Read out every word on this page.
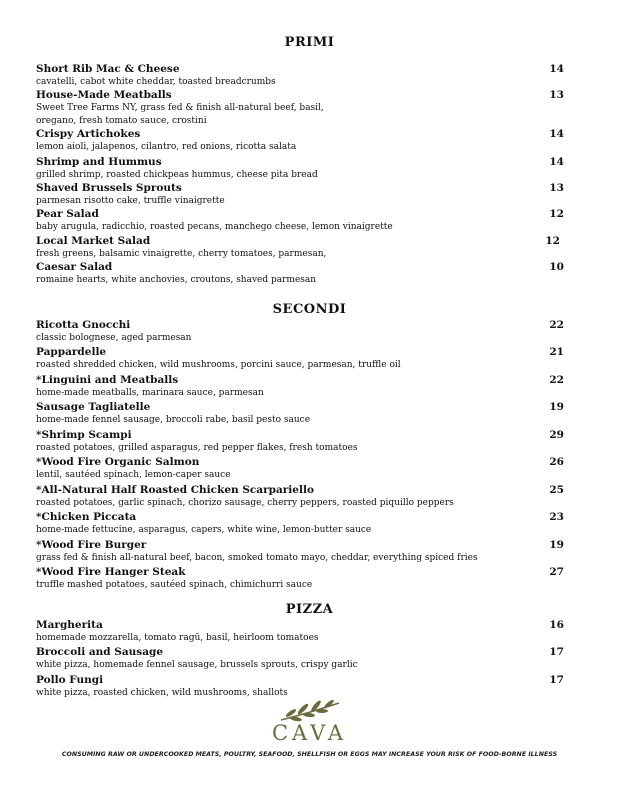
PRIMI
Short Rib Mac & Cheese
cavatelli, cabot white cheddar, toasted breadcrumbs
14
House-Made Meatballs
Sweet Tree Farms NY, grass fed & finish all-natural beef, basil,
oregano, fresh tomato sauce, crostini
13
Crispy Artichokes
lemon aioli, jalapenos, cilantro, red onions, ricotta salata
14
Shrimp and Hummus
grilled shrimp, roasted chickpeas hummus, cheese pita bread
14
Shaved Brussels Sprouts
parmesan risotto cake, truffle vinaigrette
13
Pear Salad
baby arugula, radicchio, roasted pecans, manchego cheese, lemon vinaigrette
12
Local Market Salad
fresh greens, balsamic vinaigrette, cherry tomatoes, parmesan,
12
Caesar Salad
romaine hearts, white anchovies, croutons, shaved parmesan
10
SECONDI
Ricotta Gnocchi
classic bolognese, aged parmesan
22
Pappardelle
roasted shredded chicken, wild mushrooms, porcini sauce, parmesan, truffle oil
21
*Linguini and Meatballs
home-made meatballs, marinara sauce, parmesan
22
Sausage Tagliatelle
home-made fennel sausage, broccoli rabe, basil pesto sauce
19
*Shrimp Scampi
roasted potatoes, grilled asparagus, red pepper flakes, fresh tomatoes
29
*Wood Fire Organic Salmon
lentil, sautéed spinach, lemon-caper sauce
26
*All-Natural Half Roasted Chicken Scarpariello
roasted potatoes, garlic spinach, chorizo sausage, cherry peppers, roasted piquillo peppers
25
*Chicken Piccata
home-made fettucine, asparagus, capers, white wine, lemon-butter sauce
23
*Wood Fire Burger
grass fed & finish all-natural beef, bacon, smoked tomato mayo, cheddar, everything spiced fries
19
*Wood Fire Hanger Steak
truffle mashed potatoes, sautéed spinach, chimichurri sauce
27
PIZZA
Margherita
homemade mozzarella, tomato ragū, basil, heirloom tomatoes
16
Broccoli and Sausage
white pizza, homemade fennel sausage, brussels sprouts, crispy garlic
17
Pollo Fungi
white pizza, roasted chicken, wild mushrooms, shallots
17
CAVA
CONSUMING RAW OR UNDERCOOKED MEATS, POULTRY, SEAFOOD, SHELLFISH OR EGGS MAY INCREASE YOUR RISK OF FOOD-BORNE ILLNESS
